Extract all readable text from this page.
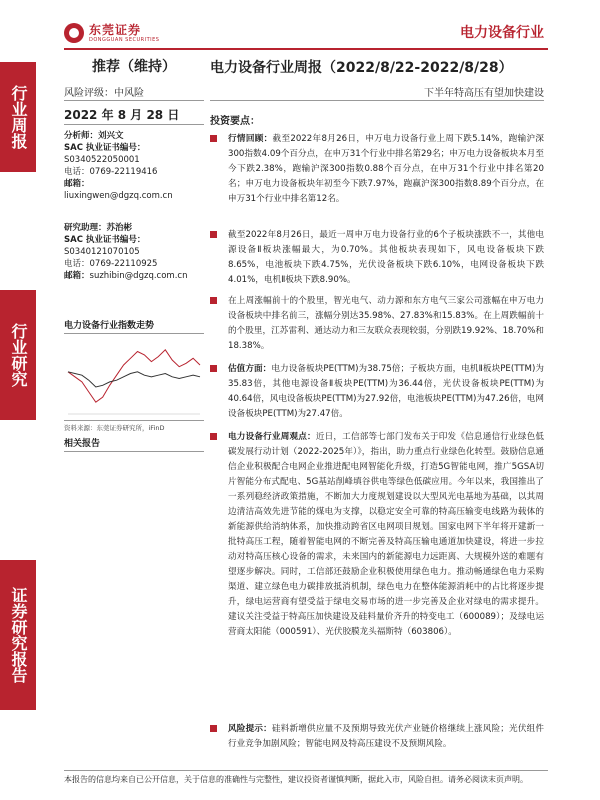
东莞证券
DONGGUAN SECURITIES	电力设备行业
行业周报
行业研究
证券研究报告
推荐（维持）	电力设备行业周报（2022/8/22-2022/8/28）
风险评级：中风险	下半年特高压有望加快建设
2022 年 8 月 28 日
分析师：刘兴文
SAC 执业证书编号：
S0340522050001
电话：0769-22119416
邮箱：
liuxingwen@dgzq.com.cn
研究助理：苏治彬
SAC 执业证书编号：
S0340121070105
电话：0769-22110925
邮箱：suzhibin@dgzq.com.cn
电力设备行业指数走势
资料来源：东莞证券研究所，iFinD
相关报告
投资要点：
行情回顾：截至2022年8月26日，申万电力设备行业上周下跌5.14%，跑输沪深300指数4.09个百分点，在申万31个行业中排名第29名；申万电力设备板块本月至今下跌2.38%，跑输沪深300指数0.88个百分点，在申万31个行业中排名第20名；申万电力设备板块年初至今下跌7.97%，跑赢沪深300指数8.89个百分点，在申万31个行业中排名第12名。
截至2022年8月26日，最近一周申万电力设备行业的6个子板块涨跌不一，其他电源设备Ⅱ板块涨幅最大，为0.70%。其他板块表现如下，风电设备板块下跌8.65%，电池板块下跌4.75%，光伏设备板块下跌6.10%，电网设备板块下跌4.01%，电机Ⅱ板块下跌8.90%。
在上周涨幅前十的个股里，智光电气、动力源和东方电气三家公司涨幅在申万电力设备板块中排名前三，涨幅分别达35.98%、27.83%和15.83%。在上周跌幅前十的个股里，江苏雷利、通达动力和三友联众表现较弱，分别跌19.92%、18.70%和18.38%。
估值方面：电力设备板块PE(TTM)为38.75倍；子板块方面，电机Ⅱ板块PE(TTM)为35.83倍，其他电源设备Ⅱ板块PE(TTM)为36.44倍，光伏设备板块PE(TTM)为40.64倍，风电设备板块PE(TTM)为27.92倍，电池板块PE(TTM)为47.26倍，电网设备板块PE(TTM)为27.47倍。
电力设备行业周观点：近日，工信部等七部门发布关于印发《信息通信行业绿色低碳发展行动计划（2022-2025年）》，指出，助力重点行业绿色化转型。鼓励信息通信企业积极配合电网企业推进配电网智能化升级，打造5G智能电网，推广5GSA切片智能分布式配电、5G基站削峰填谷供电等绿色低碳应用。今年以来，我国推出了一系列稳经济政策措施，不断加大力度规划建设以大型风光电基地为基础，以其周边清洁高效先进节能的煤电为支撑，以稳定安全可靠的特高压输变电线路为载体的新能源供给消纳体系，加快推动跨省区电网项目规划。国家电网下半年将开建新一批特高压工程，随着智能电网的不断完善及特高压输电通道加快建设，将进一步拉动对特高压核心设备的需求，未来国内的新能源电力远距离、大规模外送的难题有望逐步解决。同时，工信部还鼓励企业积极使用绿色电力。推动畅通绿色电力采购渠道、建立绿色电力碳排放抵消机制，绿色电力在整体能源消耗中的占比将逐步提升，绿电运营商有望受益于绿电交易市场的进一步完善及企业对绿电的需求提升。建议关注受益于特高压加快建设及硅料量价齐升的特变电工（600089）；及绿电运营商太阳能（000591）、光伏胶膜龙头福斯特（603806）。
风险提示：硅料新增供应量不及预期导致光伏产业链价格继续上涨风险；光伏组件行业竞争加剧风险；智能电网及特高压建设不及预期风险。
本报告的信息均来自已公开信息，关于信息的准确性与完整性，建议投资者谨慎判断，据此入市，风险自担。请务必阅读末页声明。
